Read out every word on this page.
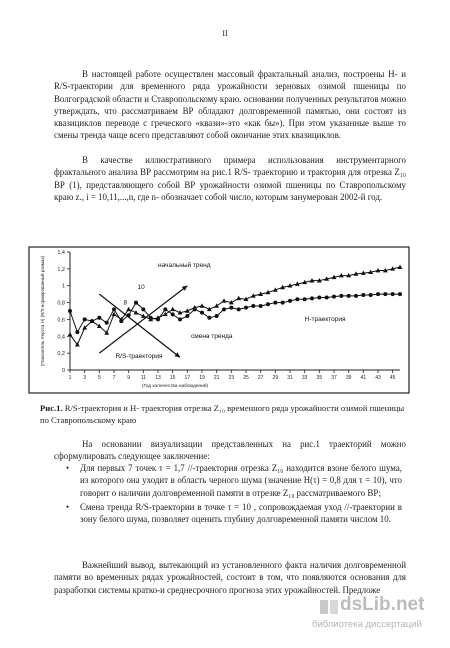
II

В настоящей работе осуществлен массовый фрактальный анализ, построены H- и R/S-траектории для временного ряда урожайности зерновых озимой пшеницы по Волгоградской области и Ставропольскому краю. основании полученных результатов можно утверждать, что рассматриваем ВР обладают долговременной памятью, они состоят из квазициклов переводе с греческого «квази»-это «как бы»). При этом указанные выше то смены тренда чаще всего представляют собой окончание этих квазициклов.

В качестве иллюстративного примера использования инструментарного фрактального анализа ВР рассмотрим на рис.1 R/S- траекторию и трактория для отрезка Z₁₀ ВР (1), представляющего собой ВР урожайности озимой пшеницы по Ставропольскому краю z., i = 10,11,...,n, где n- обозначает собой число, которым занумерован 2002-й год.

0
0,2
0,4
0,6
0,8
1
1,2
1,4
1 3 5 7 9 11 13 15 17 19 21 23 25 27 29 31 33 35 37 39 41 43 45
(Показатель Херста H) (R/S нормированный размах)
(Год количества наблюдений)
начальный тренд
смена тренда
8
10
R/S-траектория
H-траектория

Рис.1. R/S-траектория и H- траектория отрезка Z₁₀ временного ряда урожайности озимой пшеницы по Ставропольскому краю

На основании визуализации представленных на рис.1 траекторий можно сформулировать следующее заключение:

• Для первых 7 точек τ = 1,7 //-траектория отрезка Z₁₀ находится взоне белого шума, из которого она уходит в область черного шума (значение H(τ) = 0,8 для τ = 10), что говорит о наличии долговременной памяти в отрезке Z₁₀ рассматриваемого ВР;
• Смена тренда R/S-траектории в точке τ = 10 , сопровождаемая уход //-траектории в зону белого шума, позволяет оценить глубину долговременной памяти числом 10.

Важнейший вывод, вытекающий из установленного факта наличия долговременной памяти во временных рядах урожайностей, состоит в том, что появляются основания для разработки системы кратко-и среднесрочного прогноза этих урожайностей. Предложе

dsLib.net
библиотека диссертаций
